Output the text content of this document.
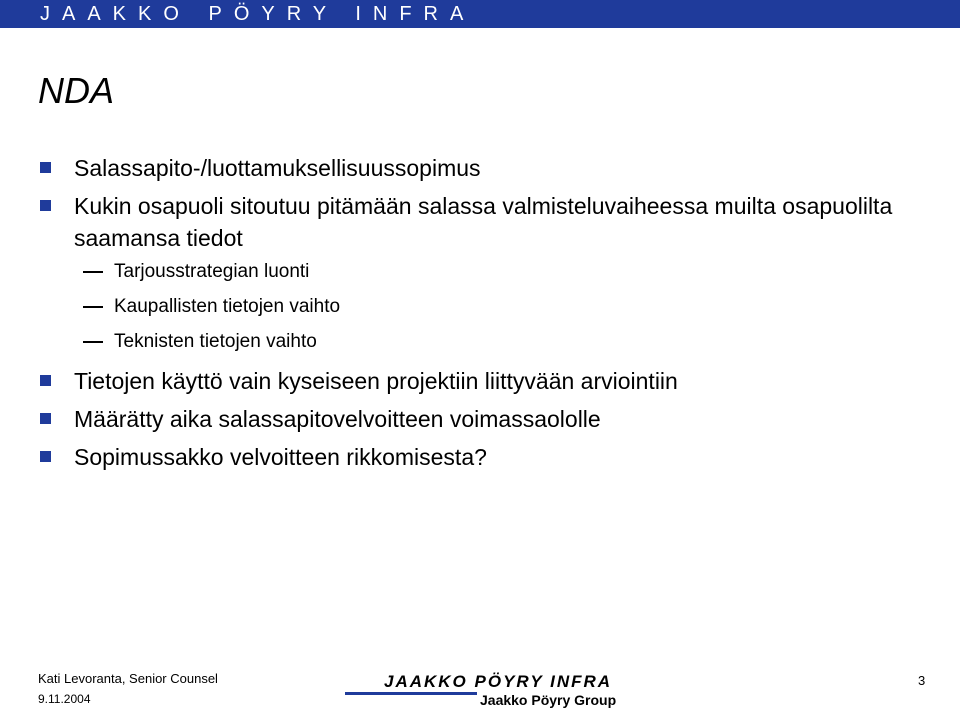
JAAKKO PÖYRY INFRA
NDA
Salassapito-/luottamuksellisuussopimus
Kukin osapuoli sitoutuu pitämään salassa valmisteluvaiheessa muilta osapuolilta saamansa tiedot
Tarjousstrategian luonti
Kaupallisten tietojen vaihto
Teknisten tietojen vaihto
Tietojen käyttö vain kyseiseen projektiin liittyvään arviointiin
Määrätty aika salassapitovelvoitteen voimassaololle
Sopimussakko velvoitteen rikkomisesta?
Kati Levoranta, Senior Counsel
9.11.2004
JAAKKO PÖYRY INFRA
Jaakko Pöyry Group
3
